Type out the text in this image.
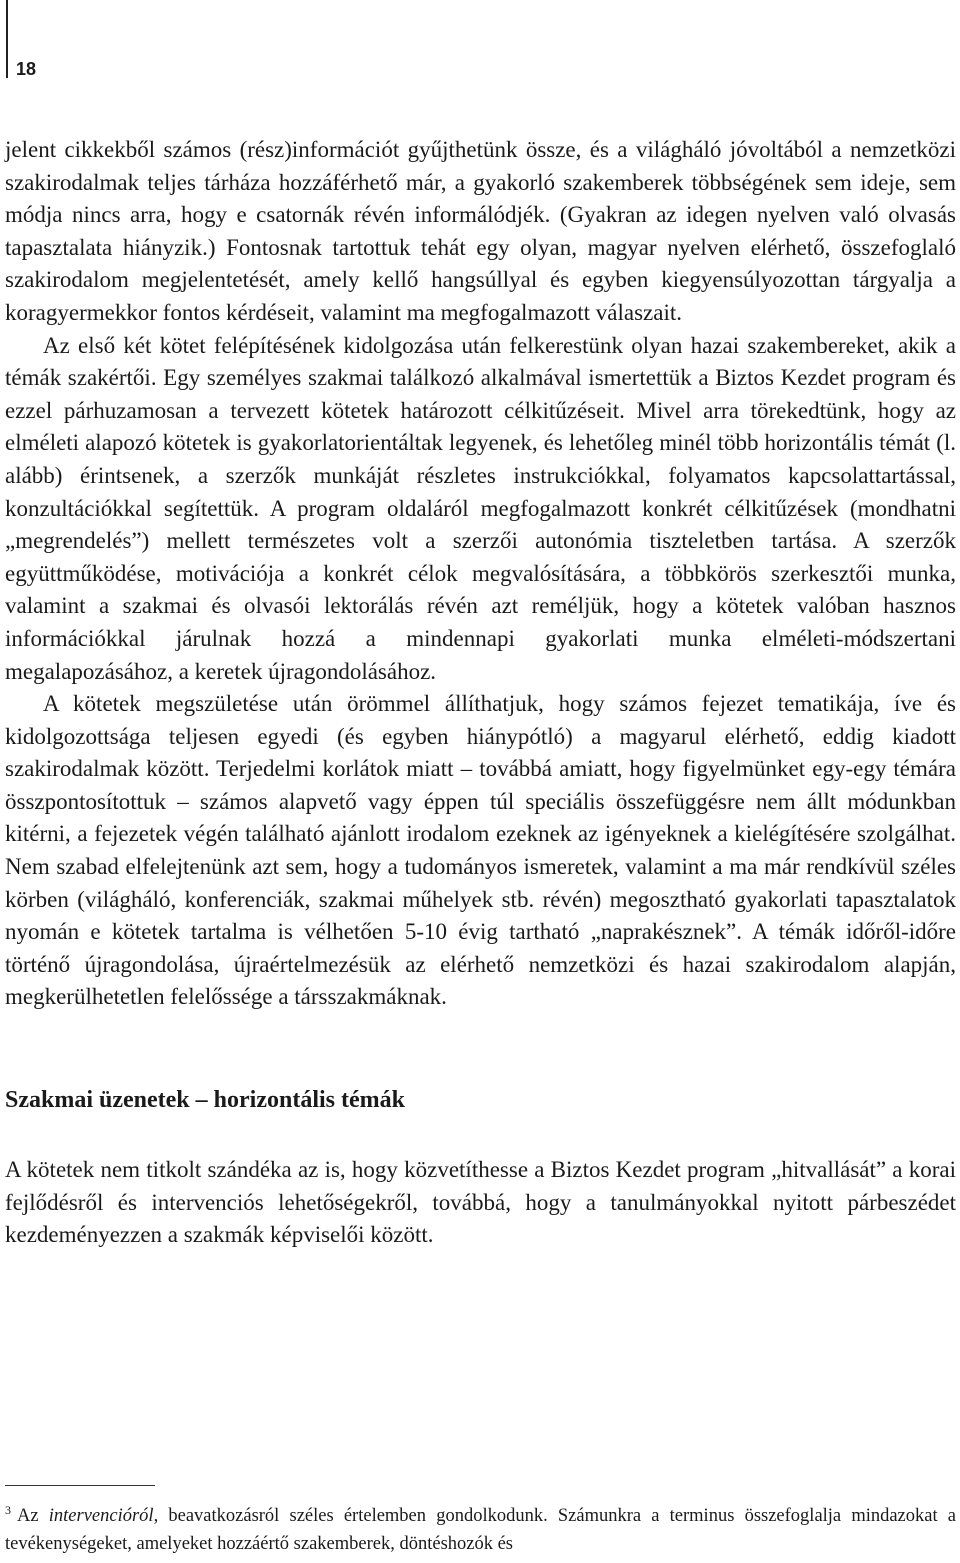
18

jelent cikkekből számos (rész)információt gyűjthetünk össze, és a világháló jóvoltából a nemzetközi szakirodalmak teljes tárháza hozzáférhető már, a gyakorló szakemberek többségének sem ideje, sem módja nincs arra, hogy e csatornák révén informálódjék. (Gyakran az idegen nyelven való olvasás tapasztalata hiányzik.) Fontosnak tartottuk tehát egy olyan, magyar nyelven elérhető, összefoglaló szakirodalom megjelentetését, amely kellő hangsúllyal és egyben kiegyensúlyozottan tárgyalja a koragyermekkor fontos kérdéseit, valamint ma megfogalmazott válaszait.

Az első két kötet felépítésének kidolgozása után felkerestünk olyan hazai szakembereket, akik a témák szakértői. Egy személyes szakmai találkozó alkalmával ismertettük a Biztos Kezdet program és ezzel párhuzamosan a tervezett kötetek határozott célkitűzéseit. Mivel arra törekedtünk, hogy az elméleti alapozó kötetek is gyakorlatorientáltak legyenek, és lehetőleg minél több horizontális témát (l. alább) érintsenek, a szerzők munkáját részletes instrukciókkal, folyamatos kapcsolattartással, konzultációkkal segítettük. A program oldaláról megfogalmazott konkrét célkitűzések (mondhatni „megrendelés”) mellett természetes volt a szerzői autonómia tiszteletben tartása. A szerzők együttműködése, motivációja a konkrét célok megvalósítására, a többkörös szerkesztői munka, valamint a szakmai és olvasói lektorálás révén azt reméljük, hogy a kötetek valóban hasznos információkkal járulnak hozzá a mindennapi gyakorlati munka elméleti-módszertani megalapozásához, a keretek újragondolásához.

A kötetek megszületése után örömmel állíthatjuk, hogy számos fejezet tematikája, íve és kidolgozottsága teljesen egyedi (és egyben hiánypótló) a magyarul elérhető, eddig kiadott szakirodalmak között. Terjedelmi korlátok miatt – továbbá amiatt, hogy figyelmünket egy-egy témára összpontosítottuk – számos alapvető vagy éppen túl speciális összefüggésre nem állt módunkban kitérni, a fejezetek végén található ajánlott irodalom ezeknek az igényeknek a kielégítésére szolgálhat. Nem szabad elfelejtenünk azt sem, hogy a tudományos ismeretek, valamint a ma már rendkívül széles körben (világháló, konferenciák, szakmai műhelyek stb. révén) megosztható gyakorlati tapasztalatok nyomán e kötetek tartalma is vélhetően 5-10 évig tartható „naprakésznek”. A témák időről-időre történő újragondolása, újraértelmezésük az elérhető nemzetközi és hazai szakirodalom alapján, megkerülhetetlen felelőssége a társszakmáknak.

Szakmai üzenetek – horizontális témák

A kötetek nem titkolt szándéka az is, hogy közvetíthesse a Biztos Kezdet program „hitvallását” a korai fejlődésről és intervenciós lehetőségekről, továbbá, hogy a tanulmányokkal nyitott párbeszédet kezdeményezzen a szakmák képviselői között.

$^3$ Az intervencióról, beavatkozásról széles értelemben gondolkodunk. Számunkra a terminus összefoglalja mindazokat a tevékenységeket, amelyeket hozzáértő szakemberek, döntéshozók és
